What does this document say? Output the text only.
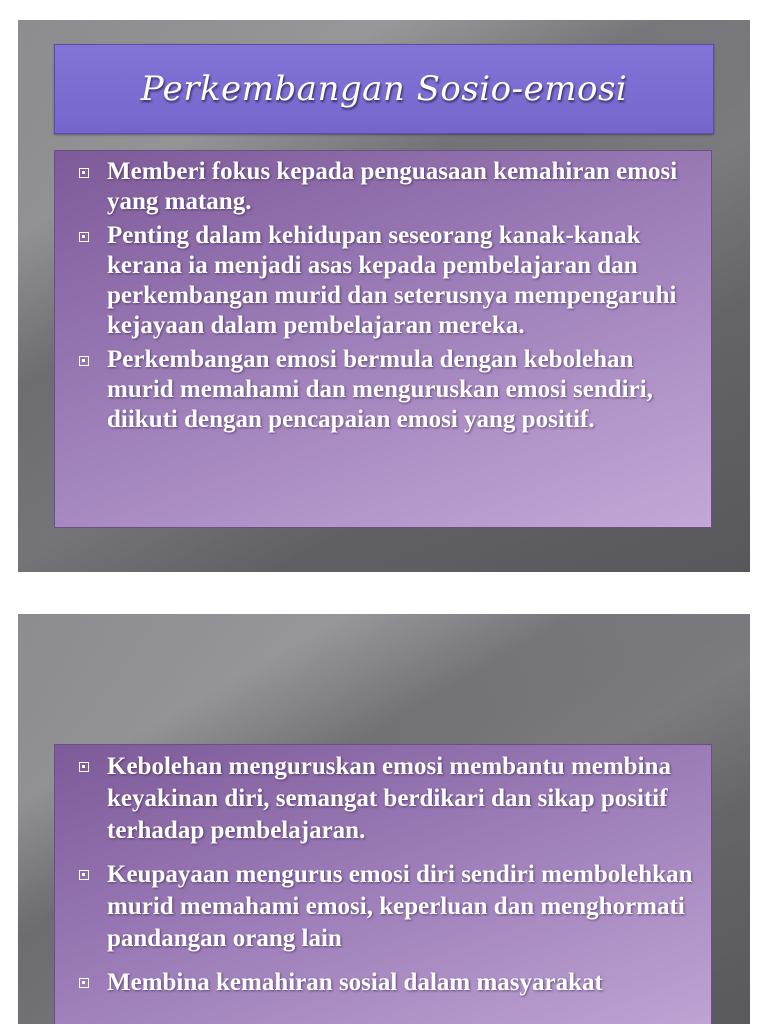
Perkembangan Sosio-emosi
Memberi fokus kepada penguasaan kemahiran emosi yang matang.
Penting dalam kehidupan seseorang kanak-kanak kerana ia menjadi asas kepada pembelajaran dan perkembangan murid dan seterusnya mempengaruhi kejayaan dalam pembelajaran mereka.
Perkembangan emosi bermula dengan kebolehan murid memahami dan menguruskan emosi sendiri, diikuti dengan pencapaian emosi yang positif.
Kebolehan menguruskan emosi membantu membina keyakinan diri, semangat berdikari dan sikap positif terhadap pembelajaran.
Keupayaan mengurus emosi diri sendiri membolehkan murid memahami emosi, keperluan dan menghormati pandangan orang lain
Membina kemahiran sosial dalam masyarakat
